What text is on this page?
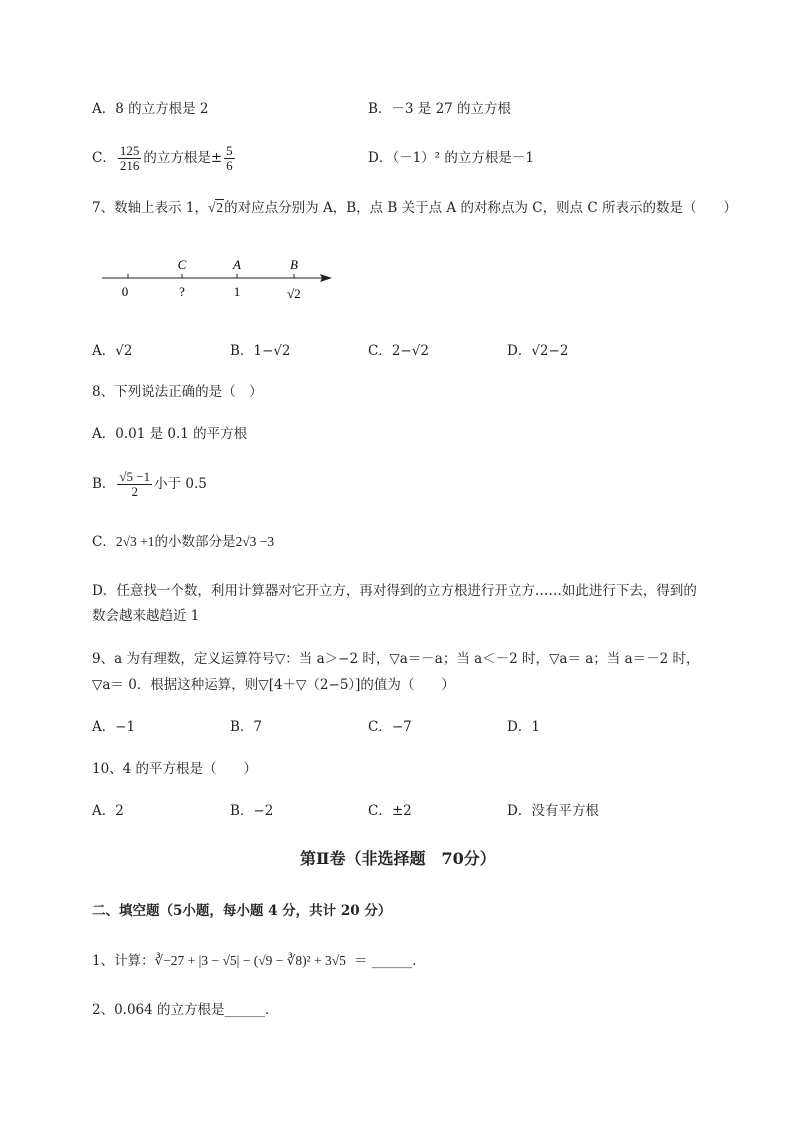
A．8 的立方根是 2	B．－3 是 27 的立方根
C． $\frac{125}{216}$ 的立方根是± $\frac{5}{6}$	D．（－1）² 的立方根是－1
7、数轴上表示 1，√2的对应点分别为 A，B，点 B 关于点 A 的对称点为 C，则点 C 所表示的数是（　　）
C	A	B
0	?	1	√2
A．√2	B．1−√2	C．2−√2	D．√2−2
8、下列说法正确的是（　）
A．0.01 是 0.1 的平方根
B． $\frac{√5 -1}{2}$ 小于 0.5
C．2√3 +1的小数部分是2√3 −3
D．任意找一个数，利用计算器对它开立方，再对得到的立方根进行开立方……如此进行下去，得到的
数会越来越趋近 1
9、a 为有理数，定义运算符号▽：当 a＞−2 时，▽a＝－a；当 a＜－2 时，▽a＝ a；当 a＝－2 时，
▽a＝ 0．根据这种运算，则▽[4＋▽（2−5）]的值为（　　）
A．−1	B．7	C．−7	D．1
10、4 的平方根是（　　）
A．2	B．−2	C．±2	D．没有平方根
第Ⅱ卷（非选择题　70分）
二、填空题（5小题，每小题 4 分，共计 20 分）
1、计算：∛−27 + |3 − √5| − (√9 − ∛8)² + 3√5 ＝ ______．
2、0.064 的立方根是______．
